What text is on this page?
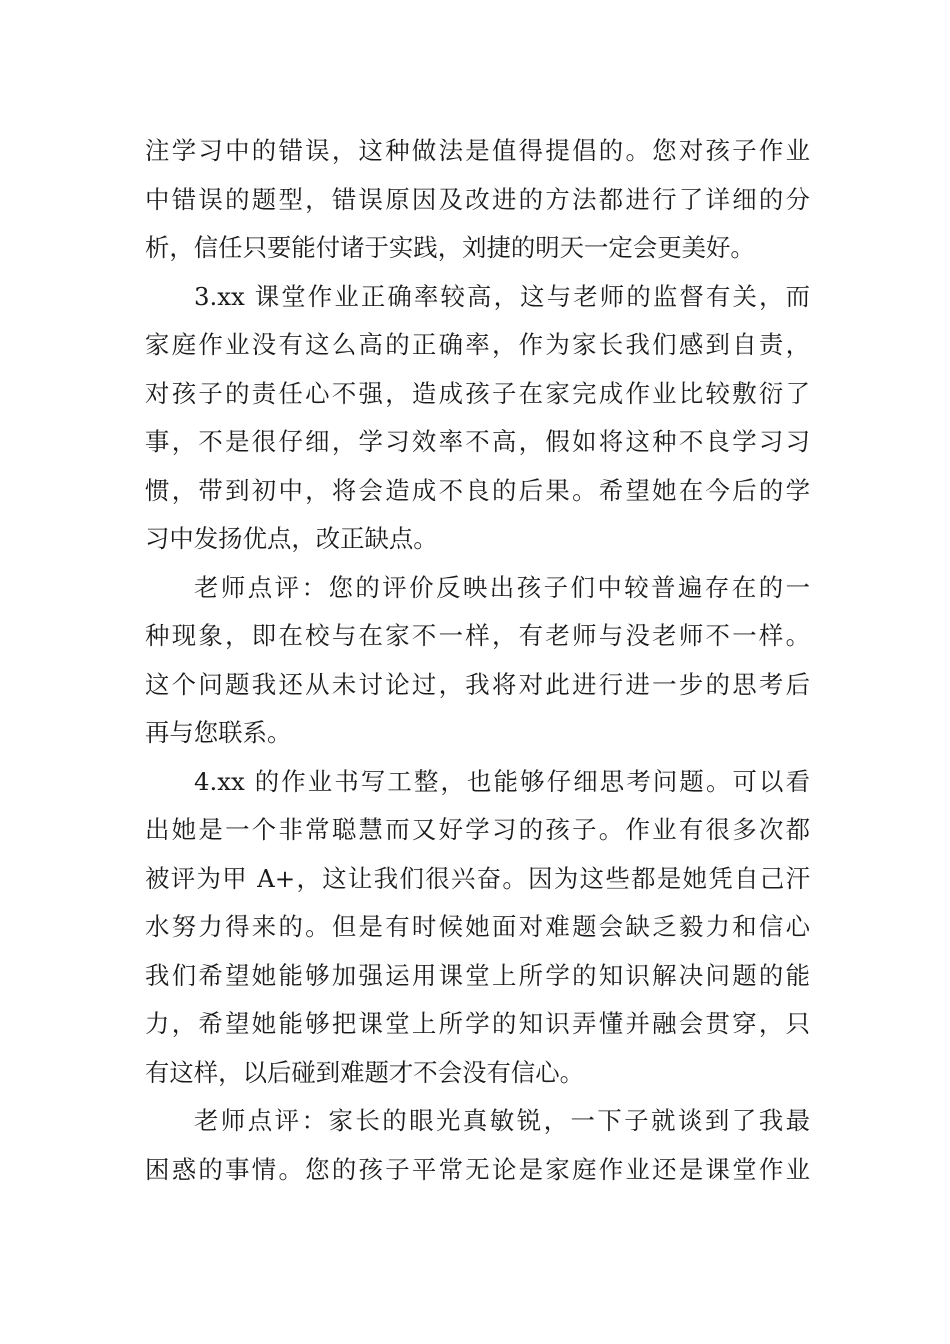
注学习中的错误，这种做法是值得提倡的。您对孩子作业
中错误的题型，错误原因及改进的方法都进行了详细的分
析，信任只要能付诸于实践，刘捷的明天一定会更美好。
3.xx 课堂作业正确率较高，这与老师的监督有关，而
家庭作业没有这么高的正确率，作为家长我们感到自责，
对孩子的责任心不强，造成孩子在家完成作业比较敷衍了
事，不是很仔细，学习效率不高，假如将这种不良学习习
惯，带到初中，将会造成不良的后果。希望她在今后的学
习中发扬优点，改正缺点。
老师点评：您的评价反映出孩子们中较普遍存在的一
种现象，即在校与在家不一样，有老师与没老师不一样。
这个问题我还从未讨论过，我将对此进行进一步的思考后
再与您联系。
4.xx 的作业书写工整，也能够仔细思考问题。可以看
出她是一个非常聪慧而又好学习的孩子。作业有很多次都
被评为甲 A+，这让我们很兴奋。因为这些都是她凭自己汗
水努力得来的。但是有时候她面对难题会缺乏毅力和信心
我们希望她能够加强运用课堂上所学的知识解决问题的能
力，希望她能够把课堂上所学的知识弄懂并融会贯穿，只
有这样，以后碰到难题才不会没有信心。
老师点评：家长的眼光真敏锐，一下子就谈到了我最
困惑的事情。您的孩子平常无论是家庭作业还是课堂作业
